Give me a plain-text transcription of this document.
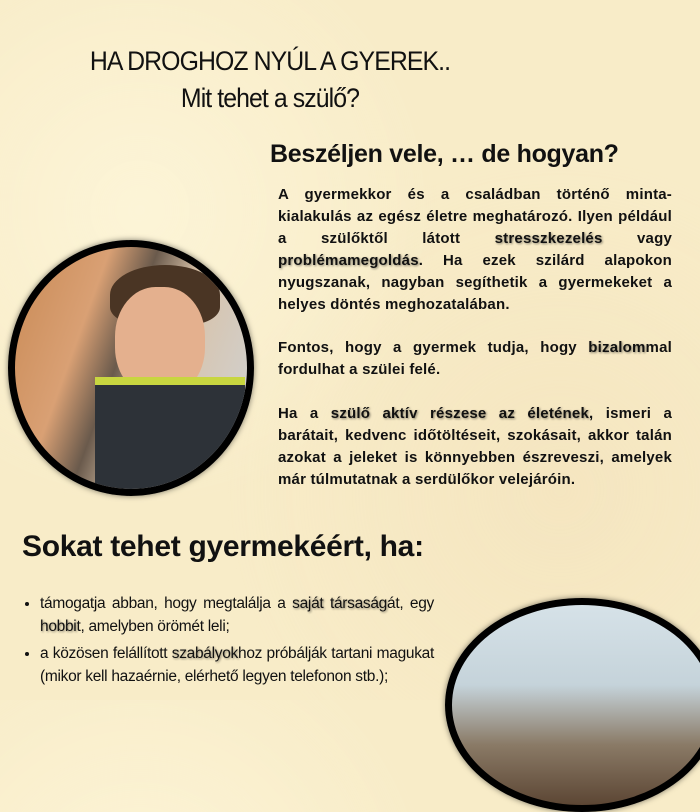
HA DROGHOZ NYÚL A GYEREK..
Mit tehet a szülő?
Beszéljen vele, … de hogyan?
A gyermekkor és a családban történő minta-kialakulás az egész életre meghatározó. Ilyen például a szülőktől látott stresszkezelés vagy problémamegoldás. Ha ezek szilárd alapokon nyugszanak, nagyban segíthetik a gyermekeket a helyes döntés meghozatalában.
Fontos, hogy a gyermek tudja, hogy bizalommal fordulhat a szülei felé.
Ha a szülő aktív részese az életének, ismeri a barátait, kedvenc időtöltéseit, szokásait, akkor talán azokat a jeleket is könnyebben észreveszi, amelyek már túlmutatnak a serdülőkor velejáróin.
Sokat tehet gyermekéért, ha:
• támogatja abban, hogy megtalálja a saját társaságát, egy hobbit, amelyben örömét leli;
• a közösen felállított szabályokhoz próbálják tartani magukat (mikor kell hazaérnie, elérhető legyen telefonon stb.);
